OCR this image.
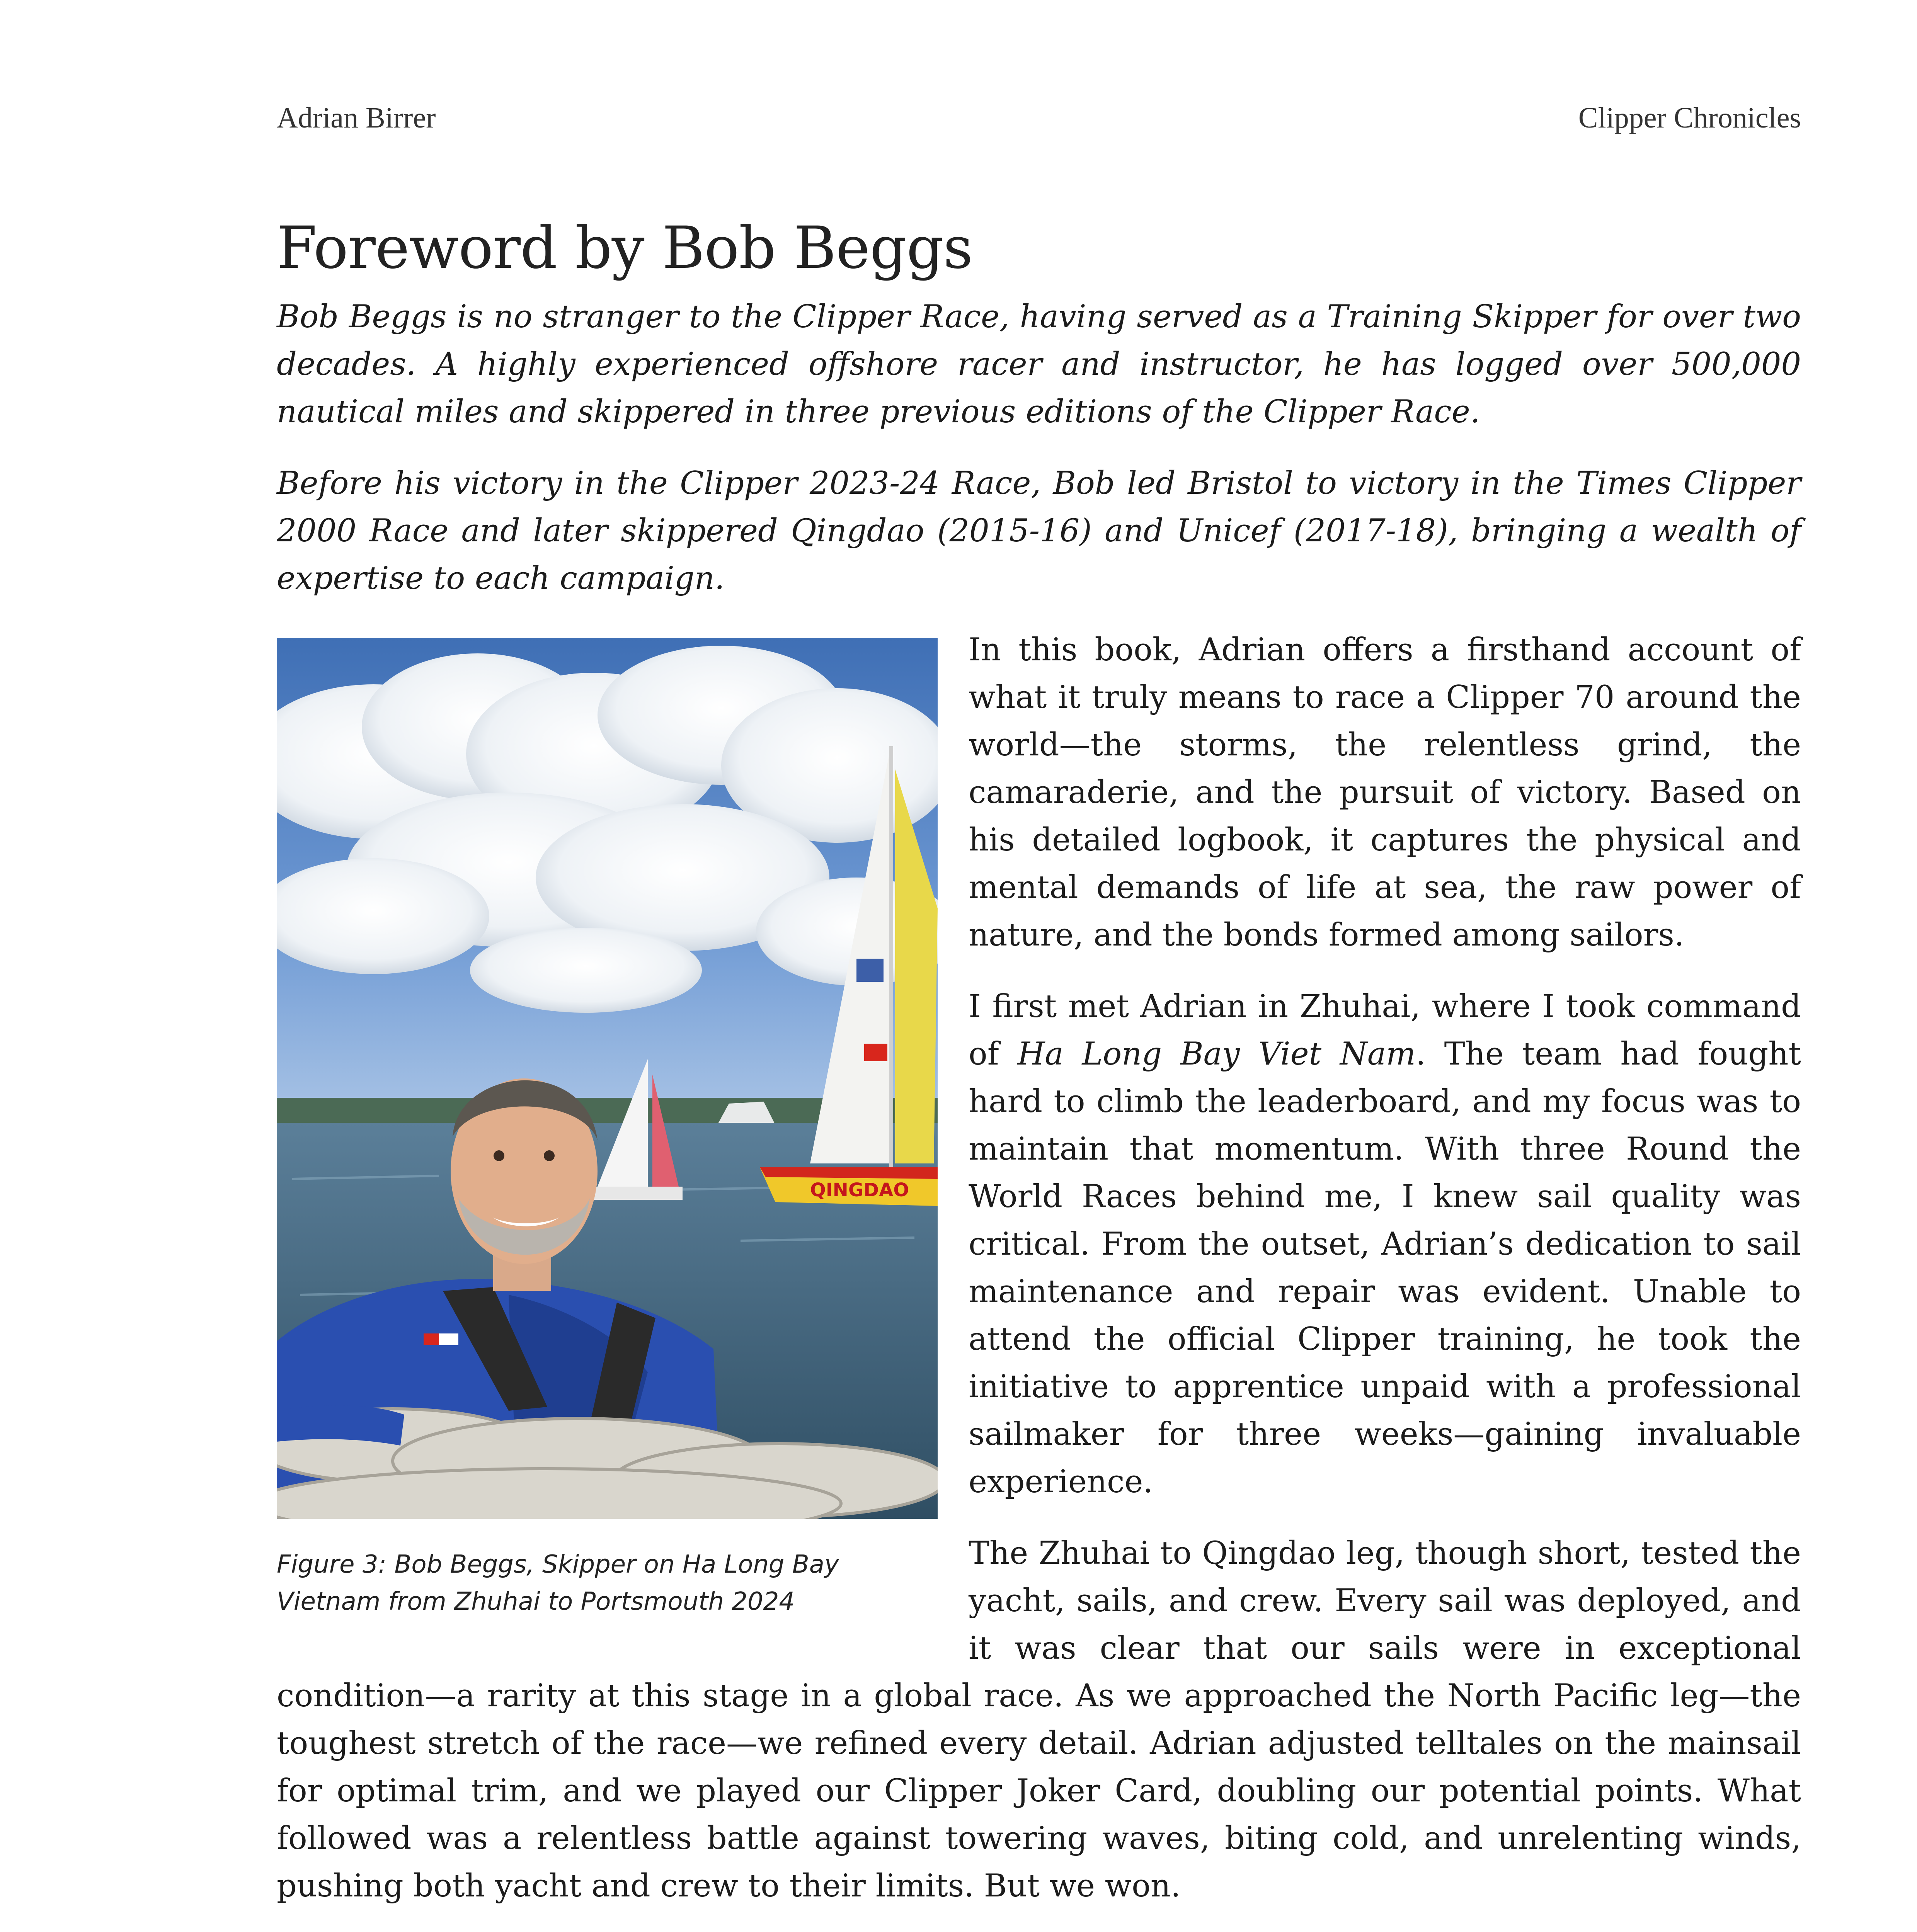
Adrian Birrer	Clipper Chronicles
Foreword by Bob Beggs

Bob Beggs is no stranger to the Clipper Race, having served as a Training Skipper for over two decades. A highly experienced offshore racer and instructor, he has logged over 500,000 nautical miles and skippered in three previous editions of the Clipper Race.

Before his victory in the Clipper 2023-24 Race, Bob led Bristol to victory in the Times Clipper 2000 Race and later skippered Qingdao (2015-16) and Unicef (2017-18), bringing a wealth of expertise to each campaign.

QINGDAO
Figure 3: Bob Beggs, Skipper on Ha Long Bay Vietnam from Zhuhai to Portsmouth 2024

In this book, Adrian offers a firsthand account of what it truly means to race a Clipper 70 around the world—the storms, the relentless grind, the camaraderie, and the pursuit of victory. Based on his detailed logbook, it captures the physical and mental demands of life at sea, the raw power of nature, and the bonds formed among sailors.

I first met Adrian in Zhuhai, where I took command of Ha Long Bay Viet Nam. The team had fought hard to climb the leaderboard, and my focus was to maintain that momentum. With three Round the World Races behind me, I knew sail quality was critical. From the outset, Adrian’s dedication to sail maintenance and repair was evident. Unable to attend the official Clipper training, he took the initiative to apprentice unpaid with a professional sailmaker for three weeks—gaining invaluable experience.

The Zhuhai to Qingdao leg, though short, tested the yacht, sails, and crew. Every sail was deployed, and it was clear that our sails were in exceptional condition—a rarity at this stage in a global race. As we approached the North Pacific leg—the toughest stretch of the race—we refined every detail. Adrian adjusted telltales on the mainsail for optimal trim, and we played our Clipper Joker Card, doubling our potential points. What followed was a relentless battle against towering waves, biting cold, and unrelenting winds, pushing both yacht and crew to their limits. But we won.
